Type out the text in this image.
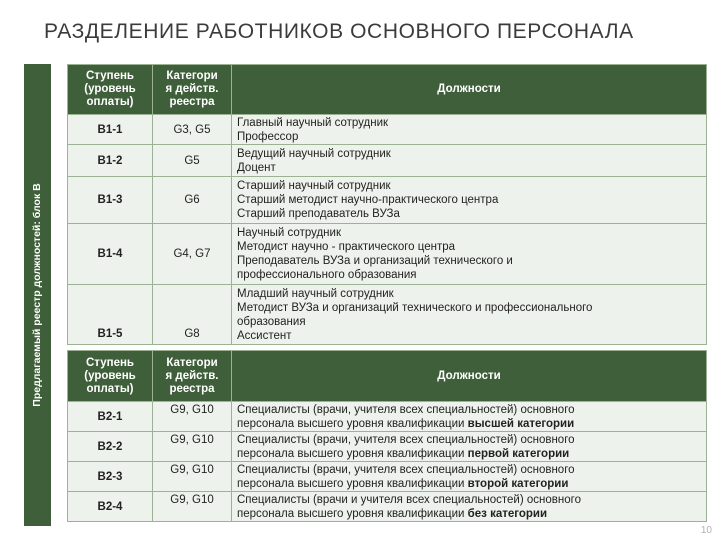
РАЗДЕЛЕНИЕ РАБОТНИКОВ ОСНОВНОГО ПЕРСОНАЛА
Предлагаемый реестр должностей: блок В
Ступень
(уровень
оплаты)	Категори
я действ.
реестра	Должности
В1-1	G3, G5	Главный научный сотрудник
Профессор

В1-2	G5	Ведущий научный сотрудник
Доцент

В1-3	G6	Старший научный сотрудник
Старший методист научно-практического центра
Старший преподаватель ВУЗа

В1-4	G4, G7	Научный сотрудник
Методист научно - практического центра
Преподаватель ВУЗа и организаций технического и
профессионального образования

В1-5	G8	Младший научный сотрудник
Методист ВУЗа и организаций технического и профессионального
образования
Ассистент
Ступень
(уровень
оплаты)	Категори
я действ.
реестра	Должности
В2-1	G9, G10	Специалисты (врачи, учителя всех специальностей) основного
персонала высшего уровня квалификации высшей категории

В2-2	G9, G10	Специалисты (врачи, учителя всех специальностей) основного
персонала высшего уровня квалификации первой категории

В2-3	G9, G10	Специалисты (врачи, учителя всех специальностей) основного
персонала высшего уровня квалификации второй категории

В2-4	G9, G10	Специалисты (врачи и учителя всех специальностей) основного
персонала высшего уровня квалификации без категории
10
